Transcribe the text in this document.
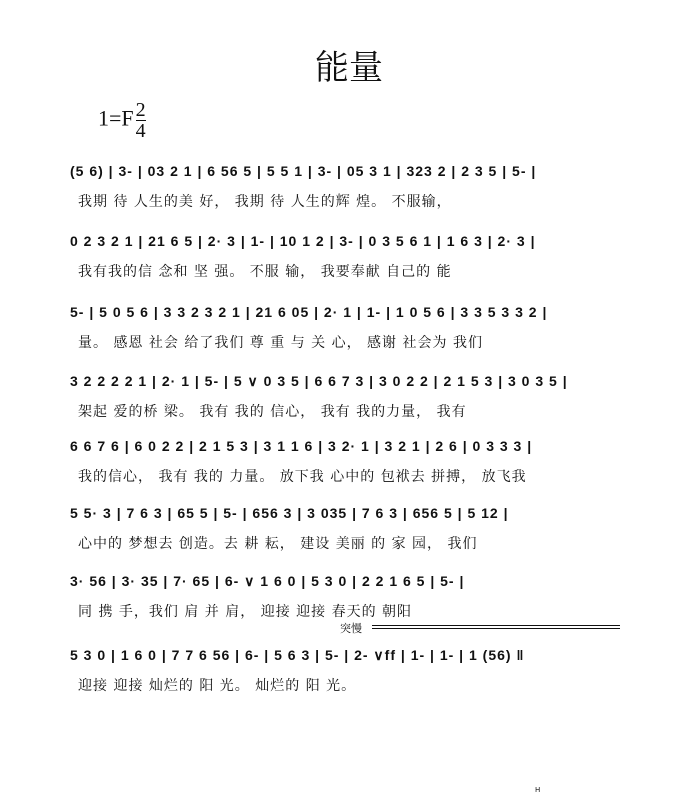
能量
$1=F \frac{2}{4}$
(5 6) | 3- | 03 2 1 | 6 56 5 | 5 5 1 | 3- | 05 3 1 | 323 2 | 2 3 5 | 5- |
我期 待 人生的美 好， 我期 待 人生的辉 煌。 不服输，
0 2 3 2 1 | 21 6 5 | 2· 3 | 1- | 10 1 2 | 3- | 0 3 5 6 1 | 1 6 3 | 2· 3 |
我有我的信 念和 坚 强。 不服 输， 我要奉献 自己的 能
5- | 5 0 5 6 | 3 3 2 3 2 1 | 21 6 05 | 2· 1 | 1- | 1 0 5 6 | 3 3 5 3 3 2 |
量。 感恩 社会 给了我们 尊 重 与 关 心， 感谢 社会为 我们
3 2 2 2 2 1 | 2· 1 | 5- | 5 ∨ 0 3 5 | 6 6 7 3 | 3 0 2 2 | 2 1 5 3 | 3 0 3 5 |
架起 爱的桥 梁。 我有 我的 信心， 我有 我的力量， 我有
6 6 7 6 | 6 0 2 2 | 2 1 5 3 | 3 1 1 6 | 3 2· 1 | 3 2 1 | 2 6 | 0 3 3 3 |
我的信心， 我有 我的 力量。 放下我 心中的 包袱去 拼搏， 放飞我
5 5· 3 | 7 6 3 | 65 5 | 5- | 656 3 | 3 035 | 7 6 3 | 656 5 | 5 12 |
心中的 梦想去 创造。去 耕 耘， 建设 美丽 的 家 园， 我们
3· 56 | 3· 35 | 7· 65 | 6- ∨ 1 6 0 | 5 3 0 | 2 2 1 6 5 | 5- |
同 携 手，我们 肩 并 肩， 迎接 迎接 春天的 朝阳
突慢
5 3 0 | 1 6 0 | 7 7 6 56 | 6- | 5 6 3 | 5- | 2- ∨ff | 1- | 1- | 1 (56) ‖
迎接 迎接 灿烂的 阳 光。 灿烂的 阳 光。
H
